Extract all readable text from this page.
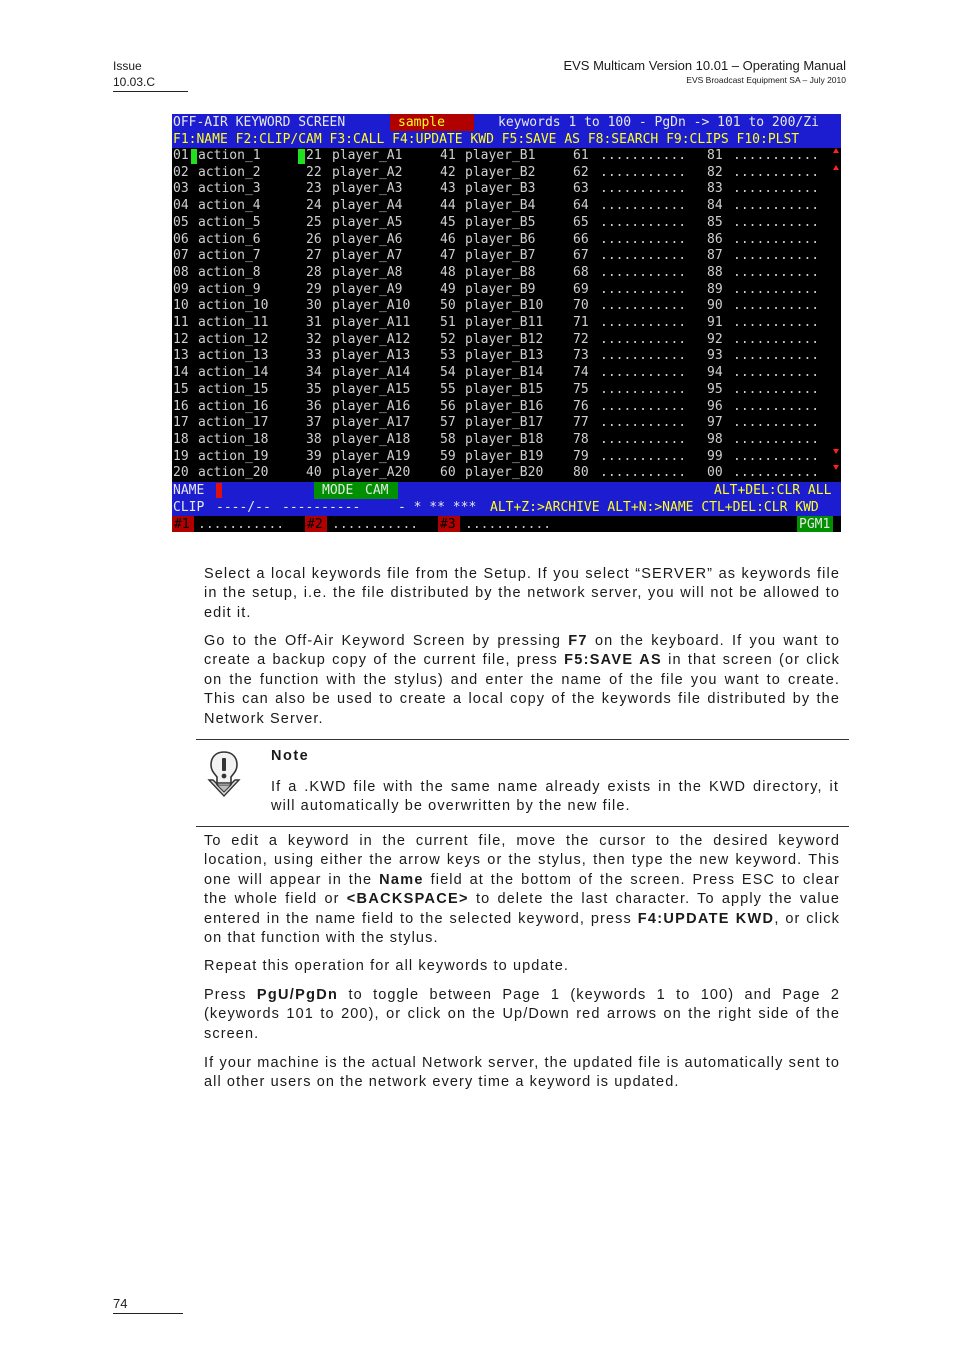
Issue
10.03.C
EVS Multicam Version 10.01 – Operating Manual
EVS Broadcast Equipment SA – July 2010

OFF-AIR KEYWORD SCREEN

	sample

	keywords 1 to 100 - PgDn -> 101 to 200/Zi

F1:NAME F2:CLIP/CAM F3:CALL F4:UPDATE KWD F5:SAVE AS F8:SEARCH F9:CLIPS F10:PLST

01 action_1	21 player_A1	41 player_B1	61 ........... 81 ...........
02 action_2	22 player_A2	42 player_B2	62 ........... 82 ...........
03 action_3	23 player_A3	43 player_B3	63 ........... 83 ...........
04 action_4	24 player_A4	44 player_B4	64 ........... 84 ...........
05 action_5	25 player_A5	45 player_B5	65 ........... 85 ...........
06 action_6	26 player_A6	46 player_B6	66 ........... 86 ...........
07 action_7	27 player_A7	47 player_B7	67 ........... 87 ...........
08 action_8	28 player_A8	48 player_B8	68 ........... 88 ...........
09 action_9	29 player_A9	49 player_B9	69 ........... 89 ...........
10 action_10	30 player_A10 50 player_B10 70 ........... 90 ...........
11 action_11	31 player_A11 51 player_B11 71 ........... 91 ...........
12 action_12	32 player_A12 52 player_B12 72 ........... 92 ...........
13 action_13	33 player_A13 53 player_B13 73 ........... 93 ...........
14 action_14	34 player_A14 54 player_B14 74 ........... 94 ...........
15 action_15	35 player_A15 55 player_B15 75 ........... 95 ...........
16 action_16	36 player_A16 56 player_B16 76 ........... 96 ...........
17 action_17	37 player_A17 57 player_B17 77 ........... 97 ...........
18 action_18	38 player_A18 58 player_B18 78 ........... 98 ...........
19 action_19	39 player_A19 59 player_B19 79 ........... 99 ...........
20 action_20	40 player_A20 60 player_B20 80 ........... 00 ...........

NAME

	MODE

CAM

	ALT+DEL:CLR ALL

CLIP

----/--

----------

	- * ** ***

ALT+Z:>ARCHIVE ALT+N:>NAME CTL+DEL:CLR KWD

#1

...........

#2

...........

#3

...........

	PGM1

Select a local keywords file from the Setup. If you select “SERVER” as keywords file in the setup, i.e. the file distributed by the network server, you will not be allowed to edit it.
Go to the Off-Air Keyword Screen by pressing F7 on the keyboard. If you want to create a backup copy of the current file, press F5:SAVE AS in that screen (or click on the function with the stylus) and enter the name of the file you want to create. This can also be used to create a local copy of the keywords file distributed by the Network Server.
Note
If a .KWD file with the same name already exists in the KWD directory, it will automatically be overwritten by the new file.
To edit a keyword in the current file, move the cursor to the desired keyword location, using either the arrow keys or the stylus, then type the new keyword. This one will appear in the Name field at the bottom of the screen. Press ESC to clear the whole field or <BACKSPACE> to delete the last character. To apply the value entered in the name field to the selected keyword, press F4:UPDATE KWD, or click on that function with the stylus.
Repeat this operation for all keywords to update.
Press PgU/PgDn to toggle between Page 1 (keywords 1 to 100) and Page 2 (keywords 101 to 200), or click on the Up/Down red arrows on the right side of the screen.
If your machine is the actual Network server, the updated file is automatically sent to all other users on the network every time a keyword is updated.
74
